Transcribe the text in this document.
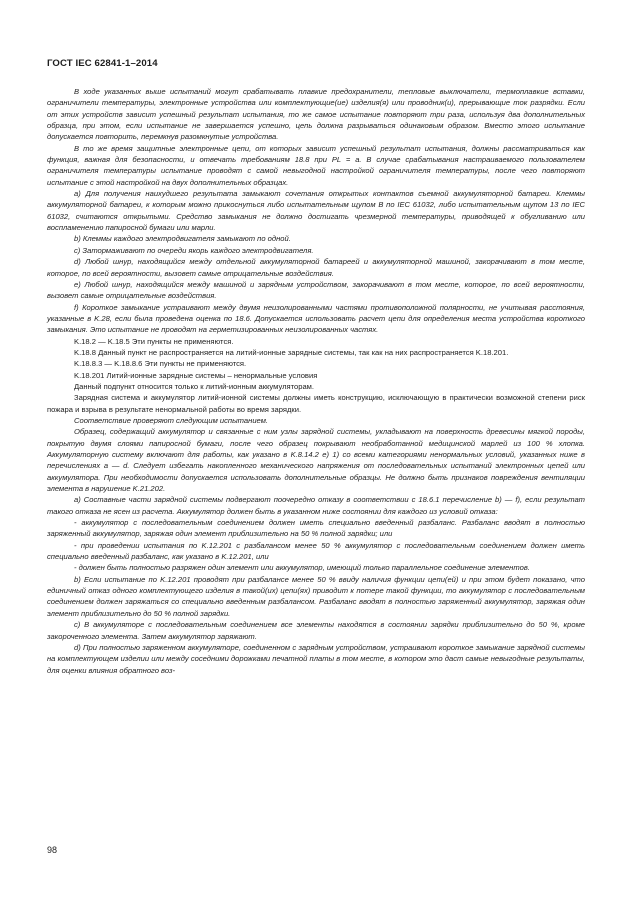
ГОСТ IEC 62841-1–2014

В ходе указанных выше испытаний могут срабатывать плавкие предохранители, тепловые выключатели, термоплавкие вставки, ограничители температуры, электронные устройства или комплектующие(ие) изделия(я) или проводник(и), прерывающие ток разрядки. Если от этих устройств зависит успешный результат испытания, то же самое испытание повторяют три раза, используя два дополнительных образца, при этом, если испытание не завершается успешно, цепь должна разрываться одинаковым образом. Вместо этого испытание допускается повторить, перемкнув разомкнутые устройства.

В то же время защитные электронные цепи, от которых зависит успешный результат испытания, должны рассматриваться как функция, важная для безопасности, и отвечать требованиям 18.8 при PL = a. В случае срабатывания настраиваемого пользователем ограничителя температуры испытание проводят с самой невыгодной настройкой ограничителя температуры, после чего повторяют испытание с этой настройкой на двух дополнительных образцах.

a) Для получения наихудшего результата замыкают сочетания открытых контактов съемной аккумуляторной батареи. Клеммы аккумуляторной батареи, к которым можно прикоснуться либо испытательным щупом B по IEC 61032, либо испытательным щупом 13 по IEC 61032, считаются открытыми. Средство замыкания не должно достигать чрезмерной температуры, приводящей к обугливанию или воспламенению папиросной бумаги или марли.

b) Клеммы каждого электродвигателя замыкают по одной.

c) Затормаживают по очереди якорь каждого электродвигателя.

d) Любой шнур, находящийся между отдельной аккумуляторной батареей и аккумуляторной машиной, закорачивают в том месте, которое, по всей вероятности, вызовет самые отрицательные воздействия.

e) Любой шнур, находящийся между машиной и зарядным устройством, закорачивают в том месте, которое, по всей вероятности, вызовет самые отрицательные воздействия.

f) Короткое замыкание устраивают между двумя неизолированными частями противоположной полярности, не учитывая расстояния, указанные в K.28, если была проведена оценка по 18.6. Допускается использовать расчет цепи для определения места устройства короткого замыкания. Это испытание не проводят на герметизированных неизолированных частях.

K.18.2 — K.18.5 Эти пункты не применяются.

K.18.8 Данный пункт не распространяется на литий-ионные зарядные системы, так как на них распространяется K.18.201.

K.18.8.3 — K.18.8.6 Эти пункты не применяются.

K.18.201 Литий-ионные зарядные системы – ненормальные условия

Данный подпункт относится только к литий-ионным аккумуляторам.

Зарядная система и аккумулятор литий-ионной системы должны иметь конструкцию, исключающую в практически возможной степени риск пожара и взрыва в результате ненормальной работы во время зарядки.

Соответствие проверяют следующим испытанием.

Образец, содержащий аккумулятор и связанные с ним узлы зарядной системы, укладывают на поверхность древесины мягкой породы, покрытую двумя слоями папиросной бумаги, после чего образец покрывают необработанной медицинской марлей из 100 % хлопка. Аккумуляторную систему включают для работы, как указано в K.8.14.2 e) 1) со всеми категориями ненормальных условий, указанных ниже в перечислениях a — d. Следует избегать накопленного механического напряжения от последовательных испытаний электронных цепей или аккумулятора. При необходимости допускается использовать дополнительные образцы. Не должно быть признаков повреждения вентиляции элемента в нарушение K.21.202.

a) Составные части зарядной системы подвергают поочередно отказу в соответствии с 18.6.1 перечисление b) — f), если результат такого отказа не ясен из расчета. Аккумулятор должен быть в указанном ниже состоянии для каждого из условий отказа:

- аккумулятор с последовательным соединением должен иметь специально введенный разбаланс. Разбаланс вводят в полностью заряженный аккумулятор, заряжая один элемент приблизительно на 50 % полной зарядки; или

- при проведении испытания по K.12.201 с разбалансом менее 50 % аккумулятор с последовательным соединением должен иметь специально введенный разбаланс, как указано в K.12.201, или

- должен быть полностью разряжен один элемент или аккумулятор, имеющий только параллельное соединение элементов.

b) Если испытание по K.12.201 проводят при разбалансе менее 50 % ввиду наличия функции цепи(ей) и при этом будет показано, что единичный отказ одного комплектующего изделия в такой(их) цепи(ях) приводит к потере такой функции, то аккумулятор с последовательным соединением должен заряжаться со специально введенным разбалансом. Разбаланс вводят в полностью заряженный аккумулятор, заряжая один элемент приблизительно до 50 % полной зарядки.

c) В аккумуляторе с последовательным соединением все элементы находятся в состоянии зарядки приблизительно до 50 %, кроме закороченного элемента. Затем аккумулятор заряжают.

d) При полностью заряженном аккумуляторе, соединенном с зарядным устройством, устраивают короткое замыкание зарядной системы на комплектующем изделии или между соседними дорожками печатной платы в том месте, в котором это даст самые невыгодные результаты, для оценки влияния обратного воз-

98
